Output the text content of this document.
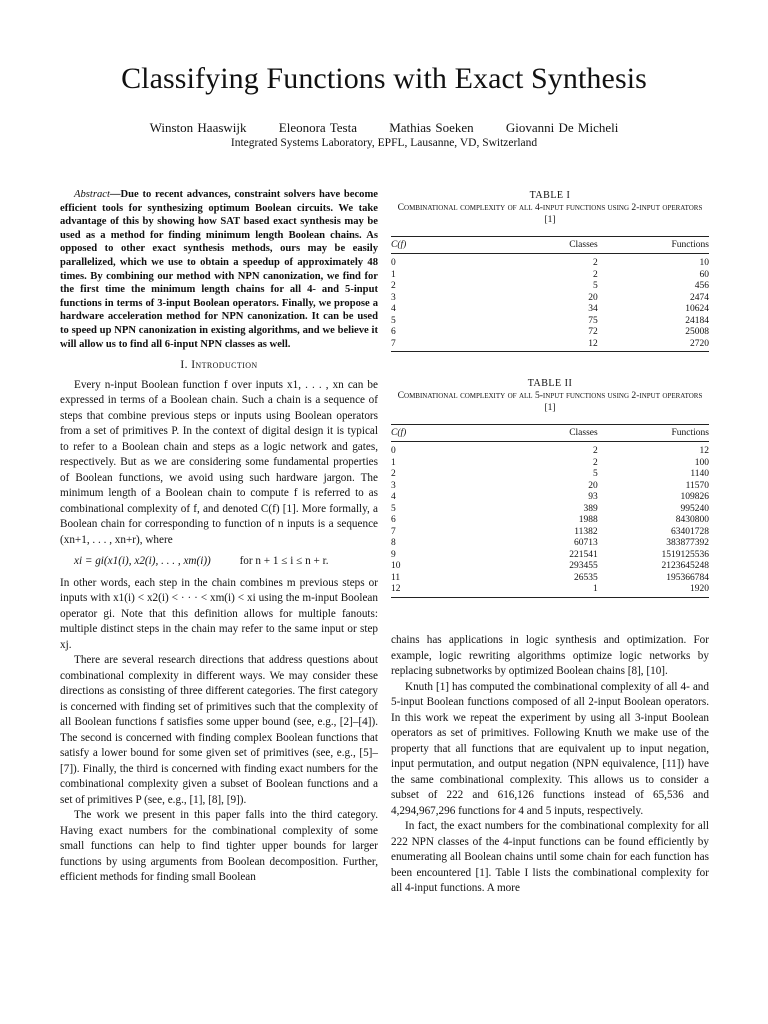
Classifying Functions with Exact Synthesis
Winston Haaswijk Eleonora Testa Mathias Soeken Giovanni De Micheli
Integrated Systems Laboratory, EPFL, Lausanne, VD, Switzerland
Abstract—Due to recent advances, constraint solvers have become efficient tools for synthesizing optimum Boolean circuits. We take advantage of this by showing how SAT based exact synthesis may be used as a method for finding minimum length Boolean chains. As opposed to other exact synthesis methods, ours may be easily parallelized, which we use to obtain a speedup of approximately 48 times. By combining our method with NPN canonization, we find for the first time the minimum length chains for all 4- and 5-input functions in terms of 3-input Boolean operators. Finally, we propose a hardware acceleration method for NPN canonization. It can be used to speed up NPN canonization in existing algorithms, and we believe it will allow us to find all 6-input NPN classes as well.
I. Introduction

Every n-input Boolean function f over inputs x1, . . . , xn can be expressed in terms of a Boolean chain. Such a chain is a sequence of steps that combine previous steps or inputs using Boolean operators from a set of primitives P. In the context of digital design it is typical to refer to a Boolean chain and steps as a logic network and gates, respectively. But as we are considering some fundamental properties of Boolean functions, we avoid using such hardware jargon. The minimum length of a Boolean chain to compute f is referred to as combinational complexity of f, and denoted C(f) [1]. More formally, a Boolean chain for corresponding to function of n inputs is a sequence (xn+1, . . . , xn+r), where

xi = gi(x1(i), x2(i), . . . , xm(i))	for n + 1 ≤ i ≤ n + r.

In other words, each step in the chain combines m previous steps or inputs with x1(i) < x2(i) < · · · < xm(i) < xi using the m-input Boolean operator gi. Note that this definition allows for multiple fanouts: multiple distinct steps in the chain may refer to the same input or step xj.

There are several research directions that address questions about combinational complexity in different ways. We may consider these directions as consisting of three different categories. The first category is concerned with finding set of primitives such that the complexity of all Boolean functions f satisfies some upper bound (see, e.g., [2]–[4]). The second is concerned with finding complex Boolean functions that satisfy a lower bound for some given set of primitives (see, e.g., [5]–[7]). Finally, the third is concerned with finding exact numbers for the combinational complexity given a subset of Boolean functions and a set of primitives P (see, e.g., [1], [8], [9]).

The work we present in this paper falls into the third category. Having exact numbers for the combinational complexity of some small functions can help to find tighter upper bounds for larger functions by using arguments from Boolean decomposition. Further, efficient methods for finding small Boolean

TABLE I
Combinational complexity of all 4-input functions using 2-input operators [1]
C(f)	Classes	Functions
0	2	10
1	2	60
2	5	456
3	20	2474
4	34	10624
5	75	24184
6	72	25008
7	12	2720
TABLE II
Combinational complexity of all 5-input functions using 2-input operators [1]
C(f)	Classes	Functions
0	2	12
1	2	100
2	5	1140
3	20	11570
4	93	109826
5	389	995240
6	1988	8430800
7	11382	63401728
8	60713	383877392
9	221541	1519125536
10	293455	2123645248
11	26535	195366784
12	1	1920

chains has applications in logic synthesis and optimization. For example, logic rewriting algorithms optimize logic networks by replacing subnetworks by optimized Boolean chains [8], [10].

Knuth [1] has computed the combinational complexity of all 4- and 5-input Boolean functions composed of all 2-input Boolean operators. In this work we repeat the experiment by using all 3-input Boolean operators as set of primitives. Following Knuth we make use of the property that all functions that are equivalent up to input negation, input permutation, and output negation (NPN equivalence, [11]) have the same combinational complexity. This allows us to consider a subset of 222 and 616,126 functions instead of 65,536 and 4,294,967,296 functions for 4 and 5 inputs, respectively.

In fact, the exact numbers for the combinational complexity for all 222 NPN classes of the 4-input functions can be found efficiently by enumerating all Boolean chains until some chain for each function has been encountered [1]. Table I lists the combinational complexity for all 4-input functions. A more
